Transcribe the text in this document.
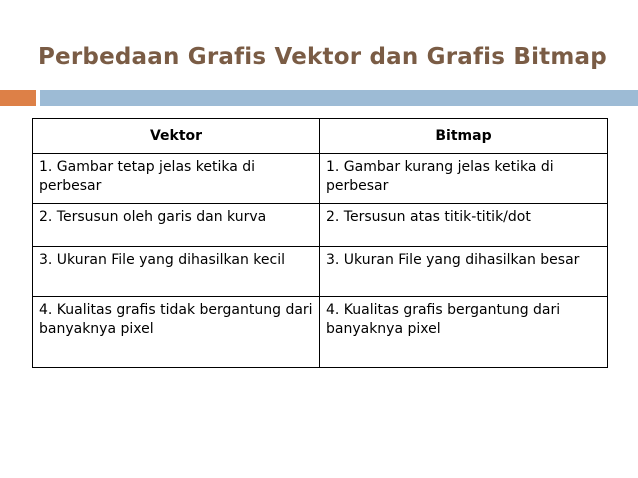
Perbedaan Grafis Vektor dan Grafis Bitmap
Vektor	Bitmap
1. Gambar tetap jelas ketika di perbesar	1. Gambar kurang jelas ketika di perbesar
2. Tersusun oleh garis dan kurva	2. Tersusun atas titik-titik/dot
3. Ukuran File yang dihasilkan kecil	3. Ukuran File yang dihasilkan besar
4. Kualitas grafis tidak bergantung dari banyaknya pixel	4. Kualitas grafis bergantung dari banyaknya pixel
